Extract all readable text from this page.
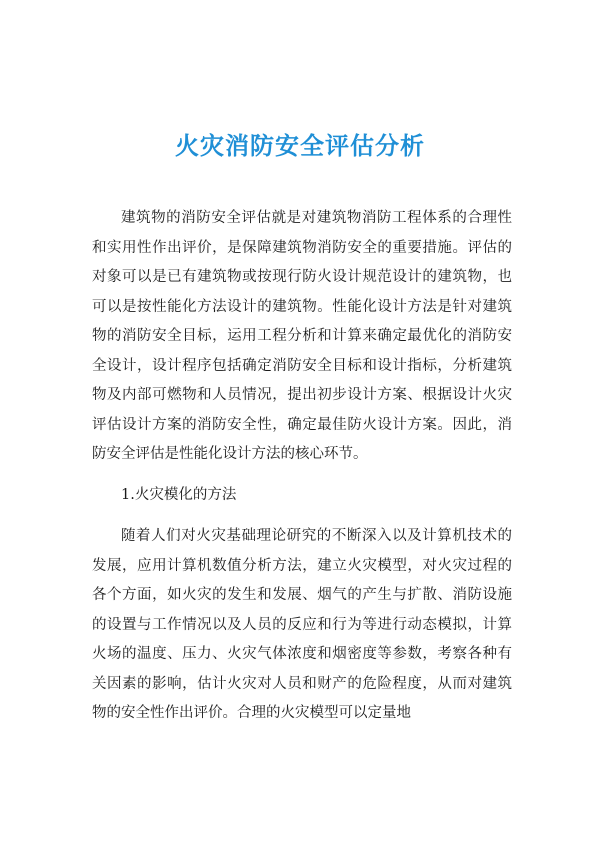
火灾消防安全评估分析

建筑物的消防安全评估就是对建筑物消防工程体系的合理性和实用性作出评价，是保障建筑物消防安全的重要措施。评估的对象可以是已有建筑物或按现行防火设计规范设计的建筑物，也可以是按性能化方法设计的建筑物。性能化设计方法是针对建筑物的消防安全目标，运用工程分析和计算来确定最优化的消防安全设计，设计程序包括确定消防安全目标和设计指标，分析建筑物及内部可燃物和人员情况，提出初步设计方案、根据设计火灾评估设计方案的消防安全性，确定最佳防火设计方案。因此，消防安全评估是性能化设计方法的核心环节。

1.火灾模化的方法

随着人们对火灾基础理论研究的不断深入以及计算机技术的发展，应用计算机数值分析方法，建立火灾模型，对火灾过程的各个方面，如火灾的发生和发展、烟气的产生与扩散、消防设施的设置与工作情况以及人员的反应和行为等进行动态模拟，计算火场的温度、压力、火灾气体浓度和烟密度等参数，考察各种有关因素的影响，估计火灾对人员和财产的危险程度，从而对建筑物的安全性作出评价。合理的火灾模型可以定量地
